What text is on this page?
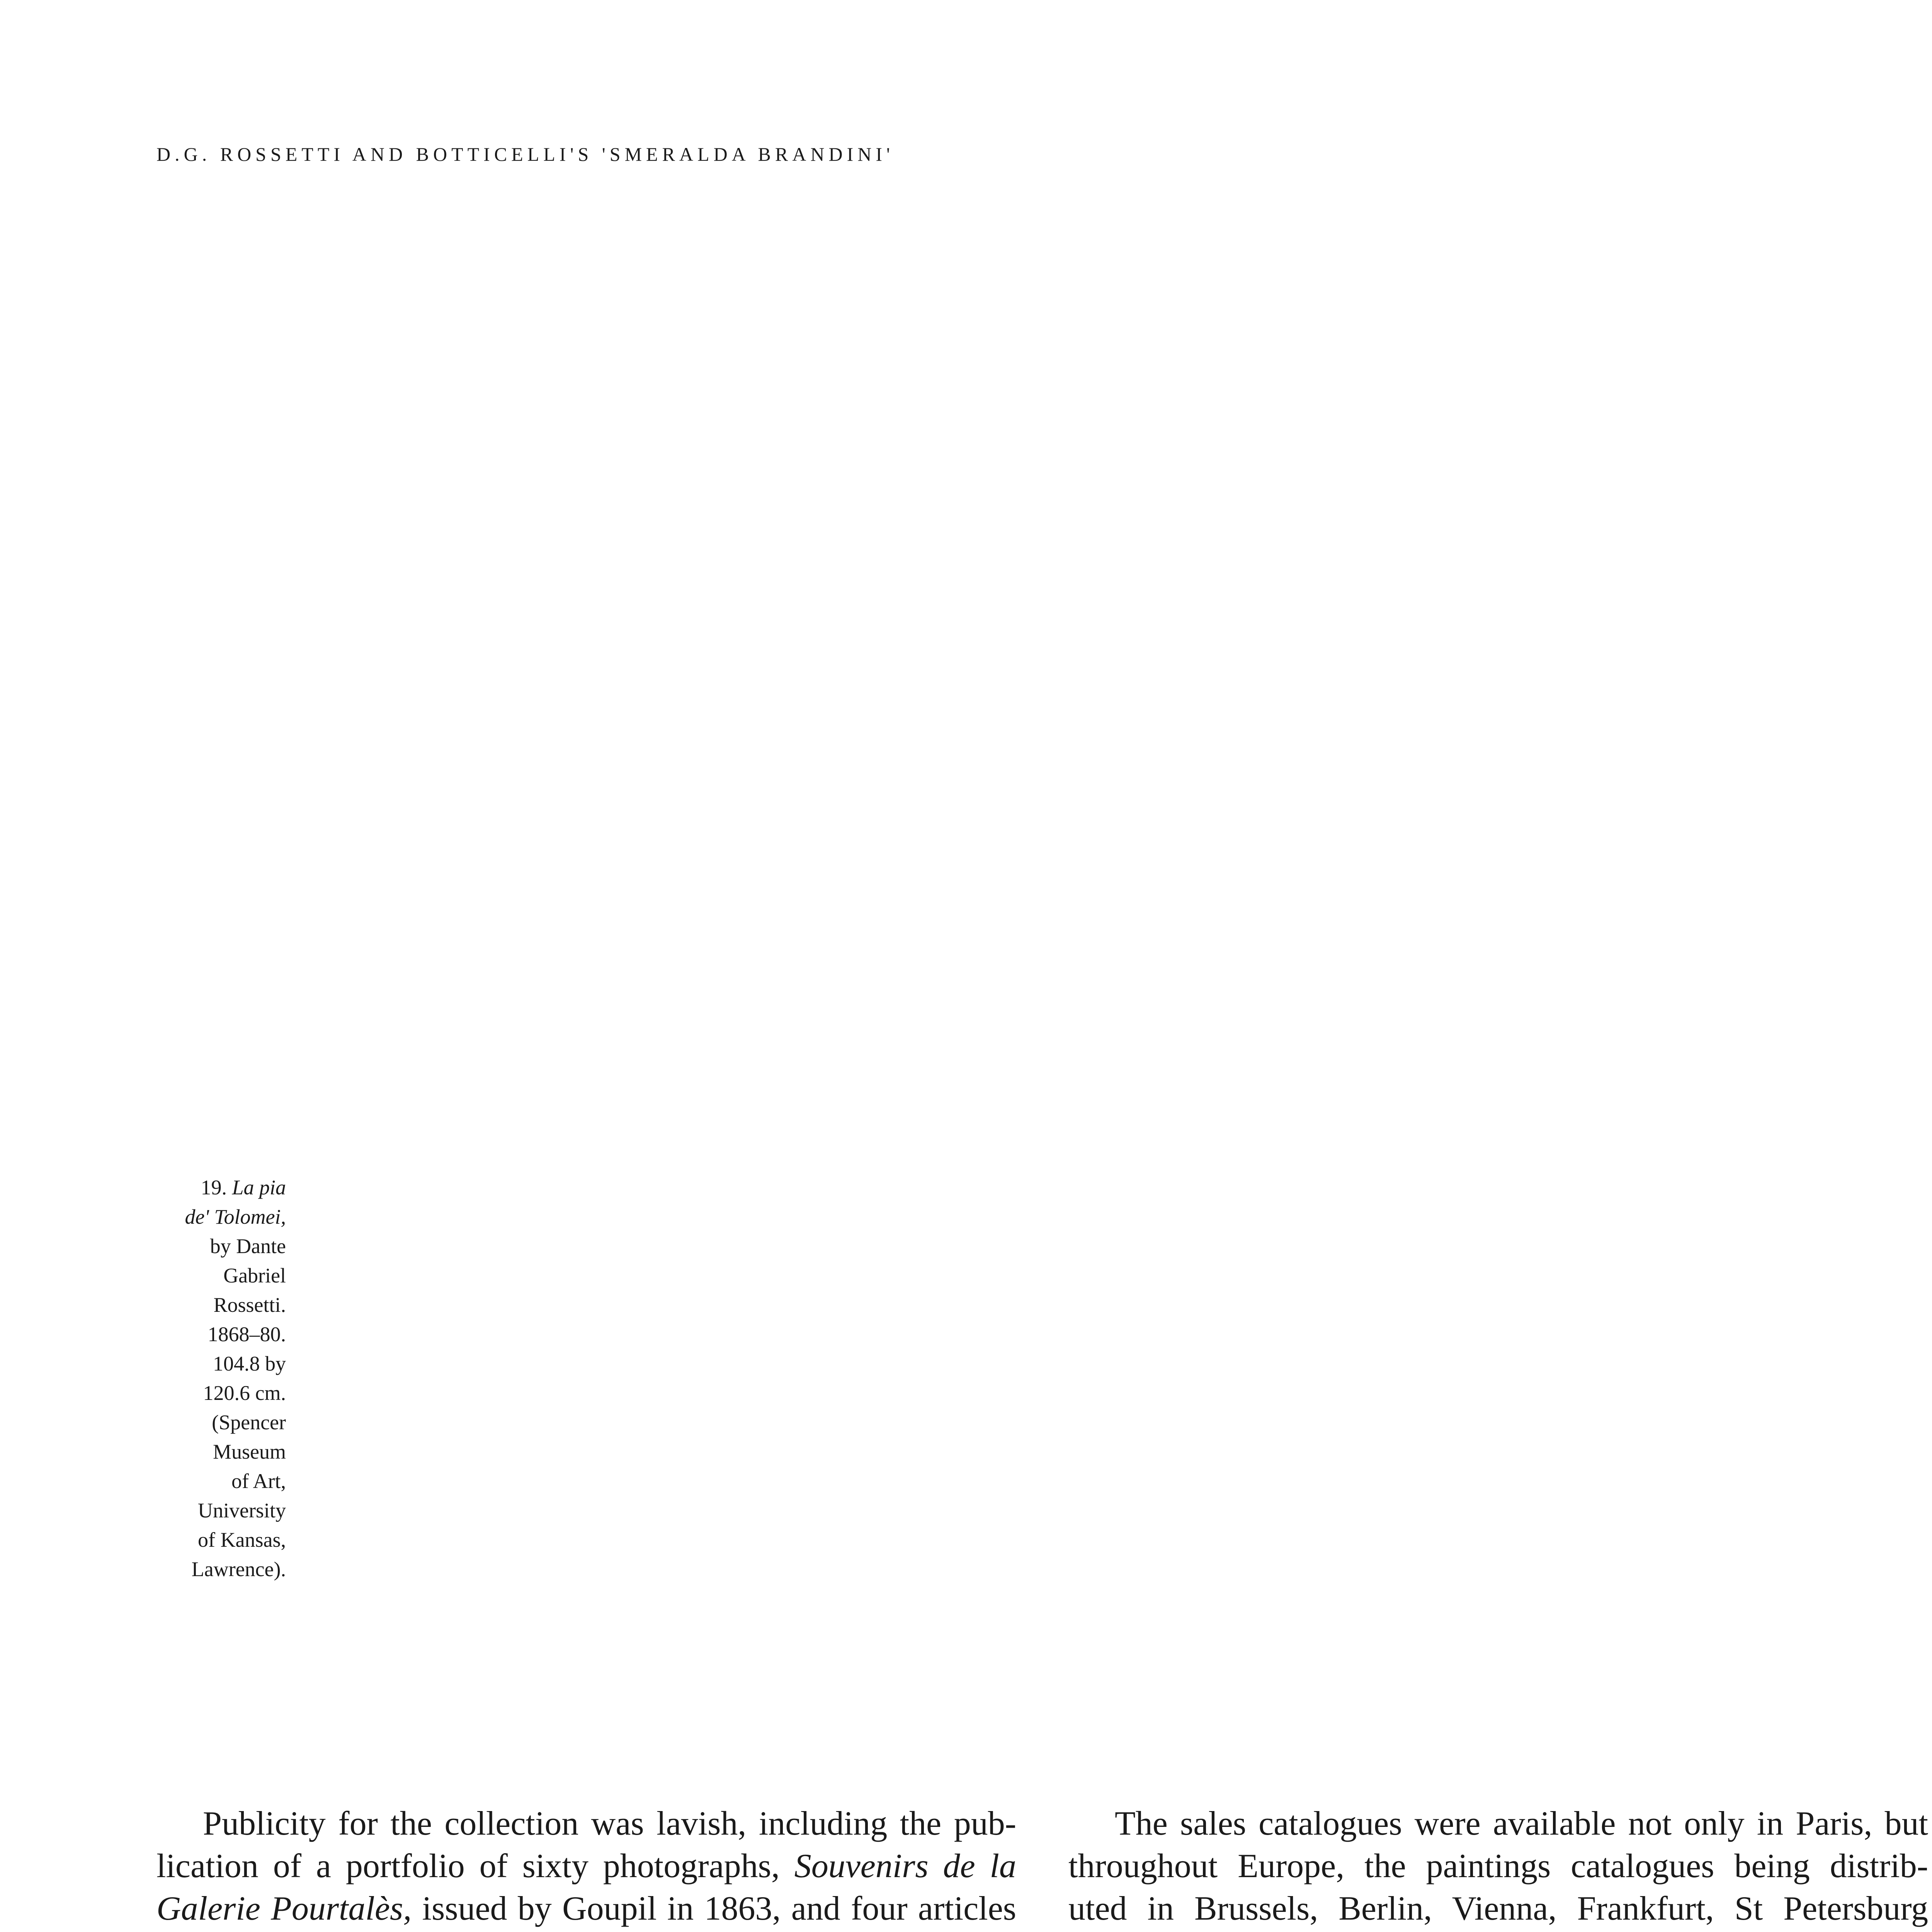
D.G. ROSSETTI AND BOTTICELLI'S 'SMERALDA BRANDINI'
19. La pia
de' Tolomei,
by Dante
Gabriel
Rossetti.
1868–80.
104.8 by
120.6 cm.
(Spencer
Museum
of Art,
University
of Kansas,
Lawrence).
Publicity for the collection was lavish, including the pub-
lication of a portfolio of sixty photographs, Souvenirs de la
Galerie Pourtalès, issued by Goupil in 1863, and four articles
The sales catalogues were available not only in Paris, but
throughout Europe, the paintings catalogues being distrib-
uted in Brussels, Berlin, Vienna, Frankfurt, St Petersburg
